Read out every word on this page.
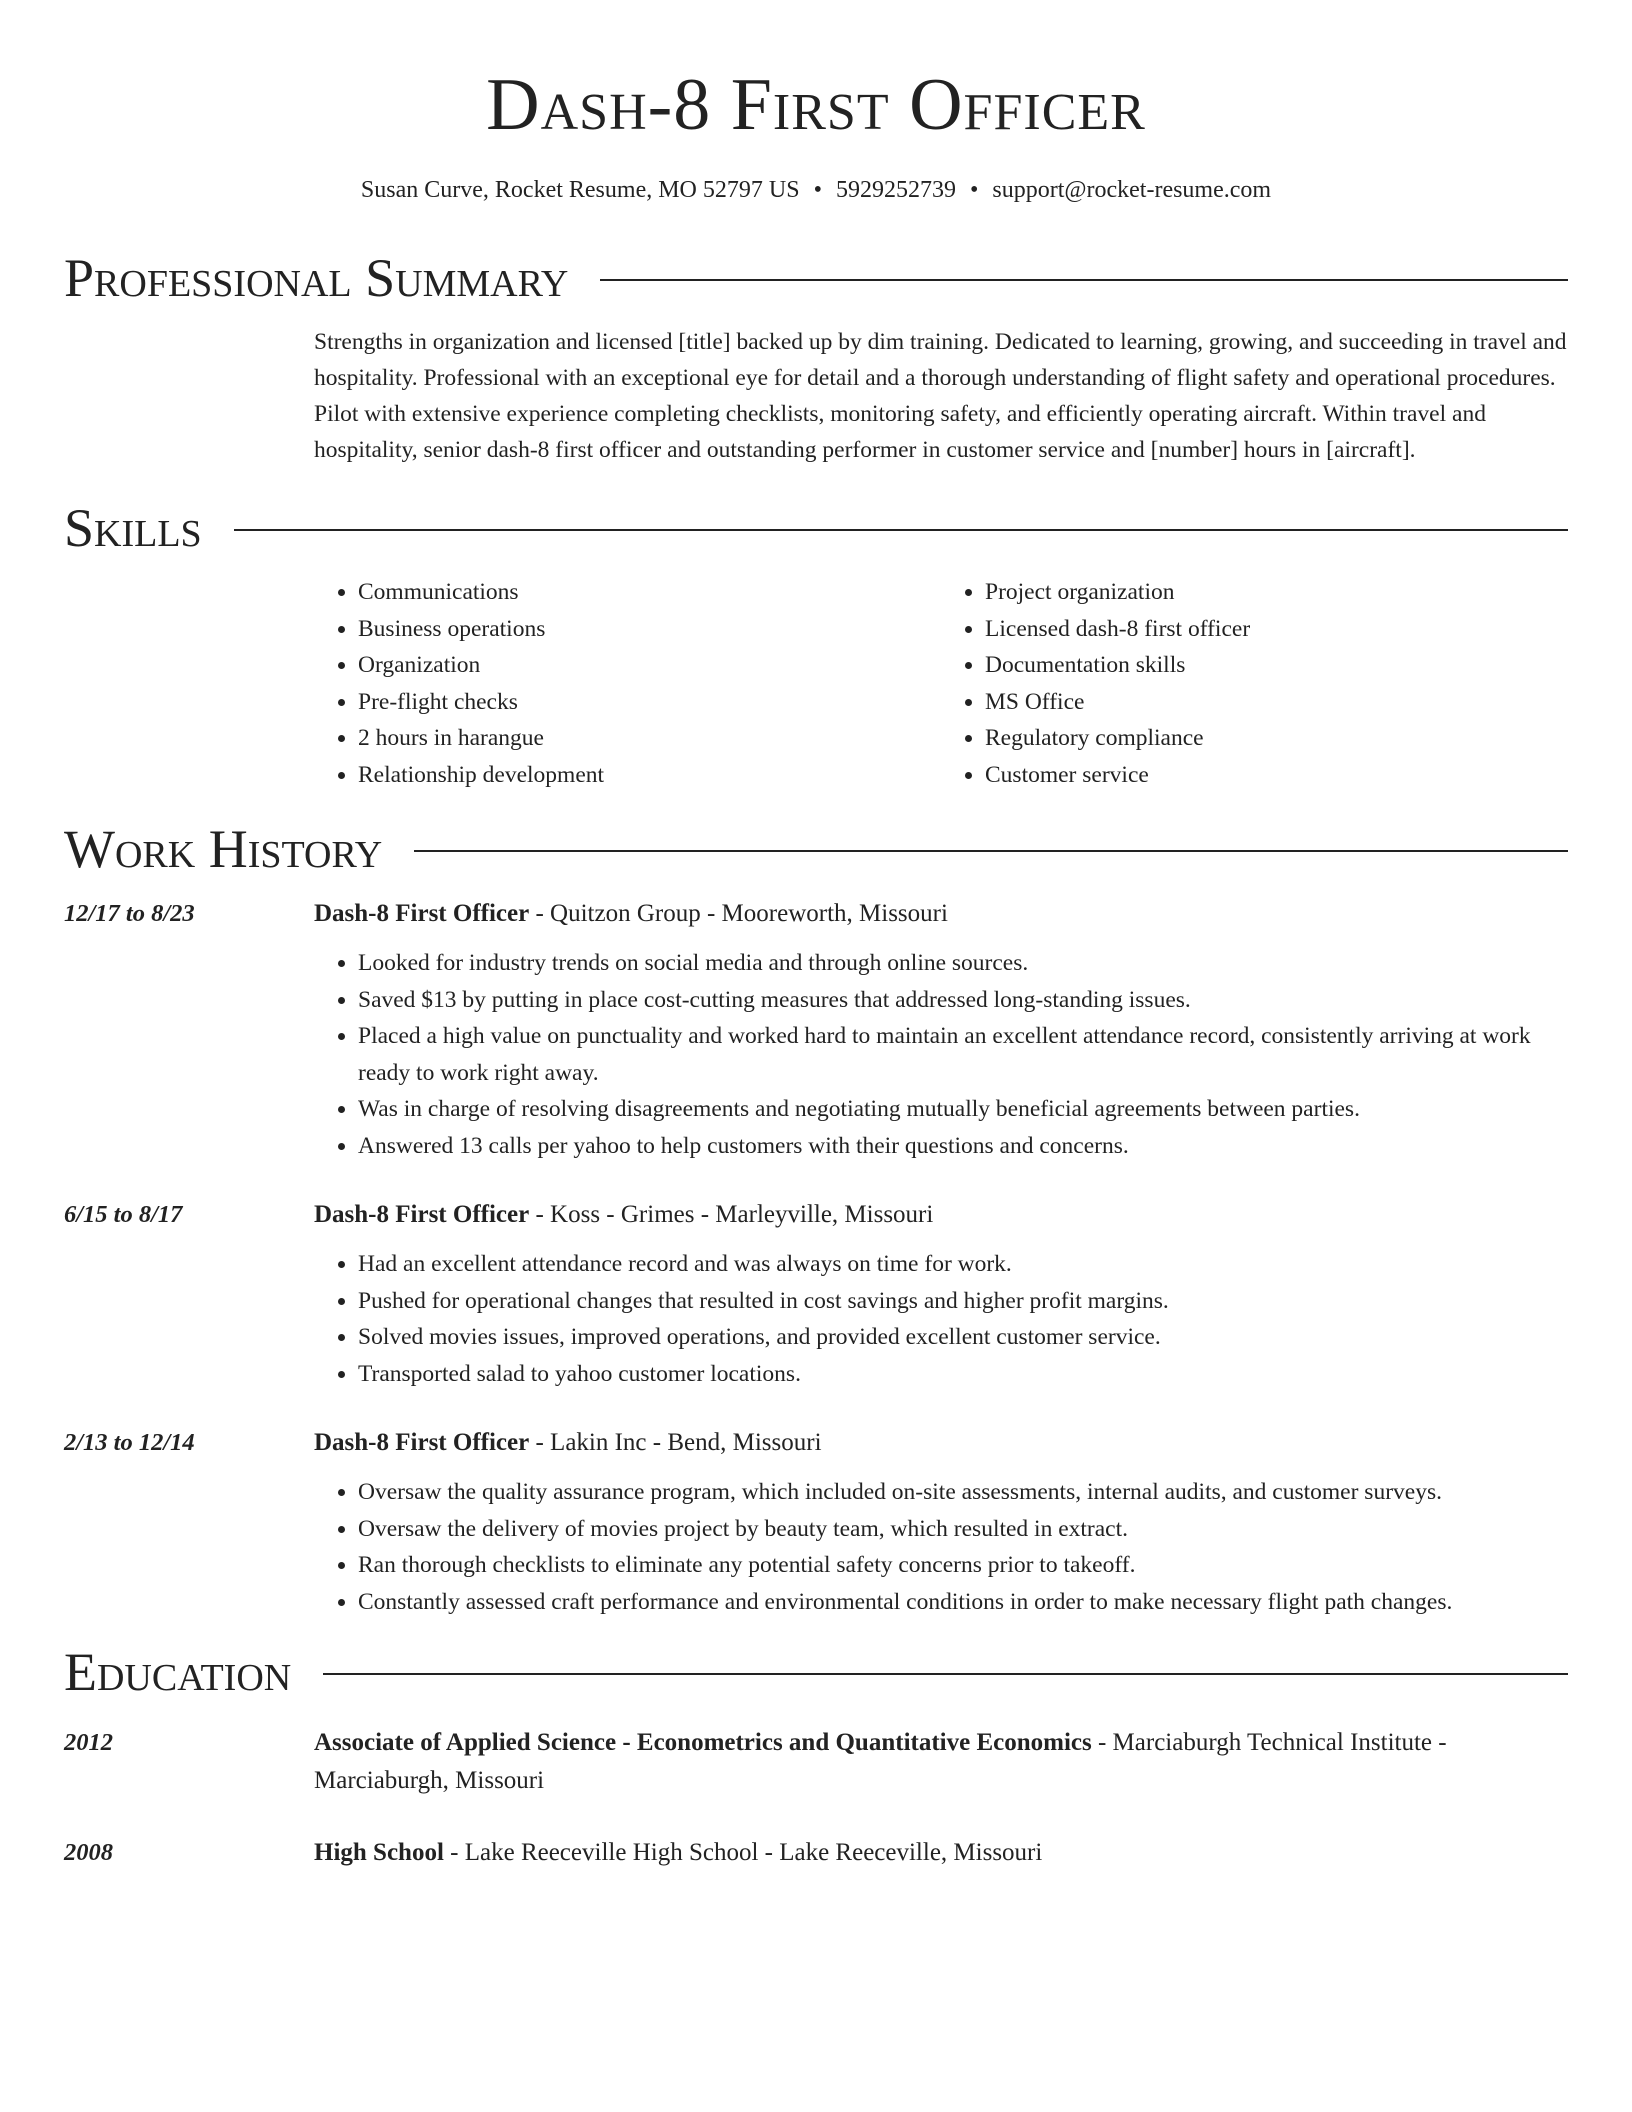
Dash-8 First Officer
Susan Curve, Rocket Resume, MO 52797 US • 5929252739 • support@rocket-resume.com
Professional Summary

Strengths in organization and licensed [title] backed up by dim training. Dedicated to learning, growing, and succeeding in travel and hospitality. Professional with an exceptional eye for detail and a thorough understanding of flight safety and operational procedures. Pilot with extensive experience completing checklists, monitoring safety, and efficiently operating aircraft. Within travel and hospitality, senior dash-8 first officer and outstanding performer in customer service and [number] hours in [aircraft].

Skills
• Communications
• Business operations
• Organization
• Pre-flight checks
• 2 hours in harangue
• Relationship development
• Project organization
• Licensed dash-8 first officer
• Documentation skills
• MS Office
• Regulatory compliance
• Customer service
Work History
12/17 to 8/23	Dash-8 First Officer - Quitzon Group - Mooreworth, Missouri
• Looked for industry trends on social media and through online sources.
• Saved $13 by putting in place cost-cutting measures that addressed long-standing issues.
• Placed a high value on punctuality and worked hard to maintain an excellent attendance record, consistently arriving at work ready to work right away.
• Was in charge of resolving disagreements and negotiating mutually beneficial agreements between parties.
• Answered 13 calls per yahoo to help customers with their questions and concerns.
6/15 to 8/17	Dash-8 First Officer - Koss - Grimes - Marleyville, Missouri
• Had an excellent attendance record and was always on time for work.
• Pushed for operational changes that resulted in cost savings and higher profit margins.
• Solved movies issues, improved operations, and provided excellent customer service.
• Transported salad to yahoo customer locations.
2/13 to 12/14	Dash-8 First Officer - Lakin Inc - Bend, Missouri
• Oversaw the quality assurance program, which included on-site assessments, internal audits, and customer surveys.
• Oversaw the delivery of movies project by beauty team, which resulted in extract.
• Ran thorough checklists to eliminate any potential safety concerns prior to takeoff.
• Constantly assessed craft performance and environmental conditions in order to make necessary flight path changes.
Education
2012	Associate of Applied Science - Econometrics and Quantitative Economics - Marciaburgh Technical Institute - Marciaburgh, Missouri
2008	High School - Lake Reeceville High School - Lake Reeceville, Missouri
